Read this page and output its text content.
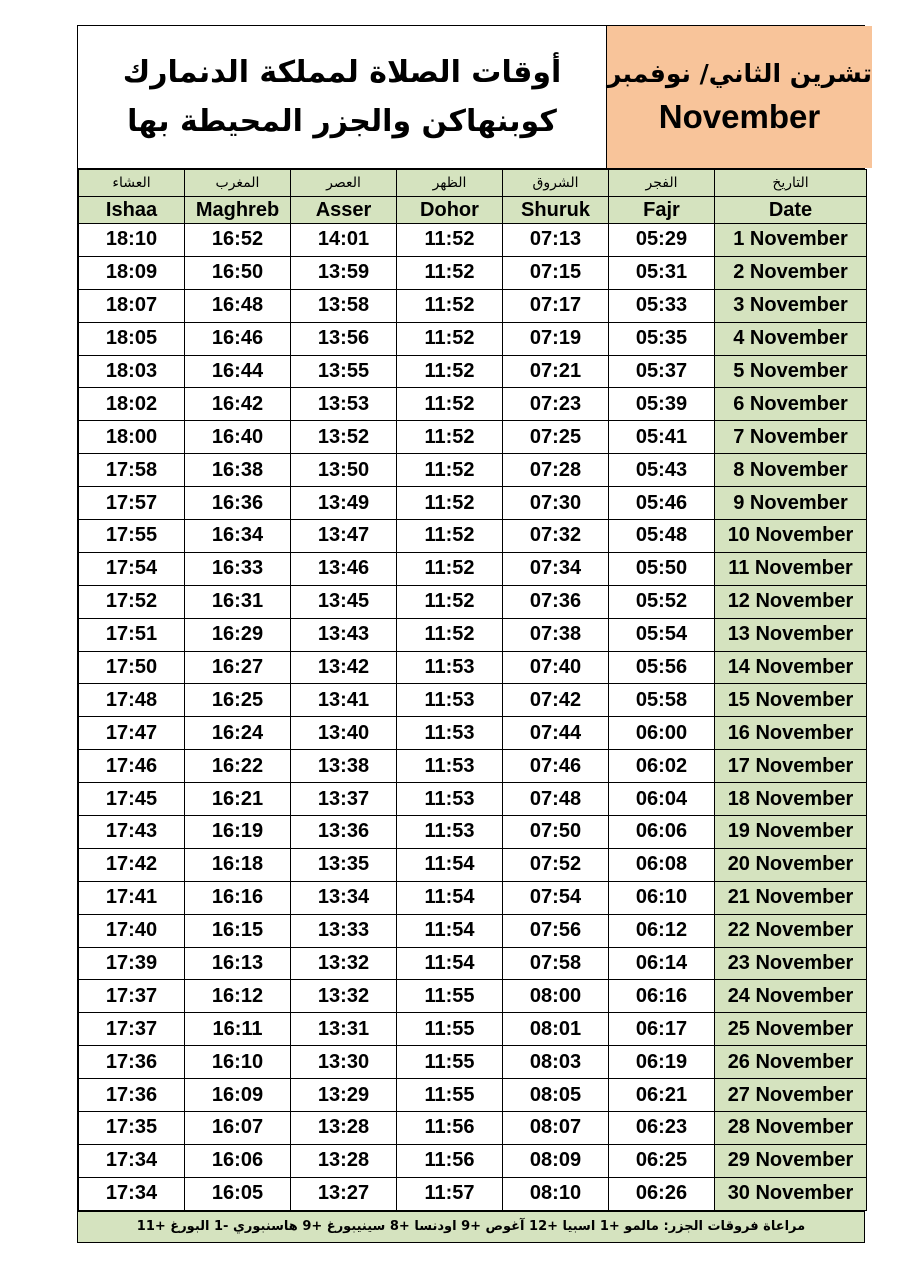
أوقات الصلاة لمملكة الدنمارك
كوبنهاكن والجزر المحيطة بها
تشرين الثاني/ نوفمبر
November
العشاء	المغرب	العصر	الظهر	الشروق	الفجر	التاريخ
Ishaa	Maghreb	Asser	Dohor	Shuruk	Fajr	Date
18:10	16:52	14:01	11:52	07:13	05:29	1 November
18:09	16:50	13:59	11:52	07:15	05:31	2 November
18:07	16:48	13:58	11:52	07:17	05:33	3 November
18:05	16:46	13:56	11:52	07:19	05:35	4 November
18:03	16:44	13:55	11:52	07:21	05:37	5 November
18:02	16:42	13:53	11:52	07:23	05:39	6 November
18:00	16:40	13:52	11:52	07:25	05:41	7 November
17:58	16:38	13:50	11:52	07:28	05:43	8 November
17:57	16:36	13:49	11:52	07:30	05:46	9 November
17:55	16:34	13:47	11:52	07:32	05:48	10 November
17:54	16:33	13:46	11:52	07:34	05:50	11 November
17:52	16:31	13:45	11:52	07:36	05:52	12 November
17:51	16:29	13:43	11:52	07:38	05:54	13 November
17:50	16:27	13:42	11:53	07:40	05:56	14 November
17:48	16:25	13:41	11:53	07:42	05:58	15 November
17:47	16:24	13:40	11:53	07:44	06:00	16 November
17:46	16:22	13:38	11:53	07:46	06:02	17 November
17:45	16:21	13:37	11:53	07:48	06:04	18 November
17:43	16:19	13:36	11:53	07:50	06:06	19 November
17:42	16:18	13:35	11:54	07:52	06:08	20 November
17:41	16:16	13:34	11:54	07:54	06:10	21 November
17:40	16:15	13:33	11:54	07:56	06:12	22 November
17:39	16:13	13:32	11:54	07:58	06:14	23 November
17:37	16:12	13:32	11:55	08:00	06:16	24 November
17:37	16:11	13:31	11:55	08:01	06:17	25 November
17:36	16:10	13:30	11:55	08:03	06:19	26 November
17:36	16:09	13:29	11:55	08:05	06:21	27 November
17:35	16:07	13:28	11:56	08:07	06:23	28 November
17:34	16:06	13:28	11:56	08:09	06:25	29 November
17:34	16:05	13:27	11:57	08:10	06:26	30 November
مراعاة فروقات الجزر: مالمو +1 اسبيا +12 آغوص +9 اودنسا +8 سينيبورغ +9 هاسنبوري -1 البورغ +11
